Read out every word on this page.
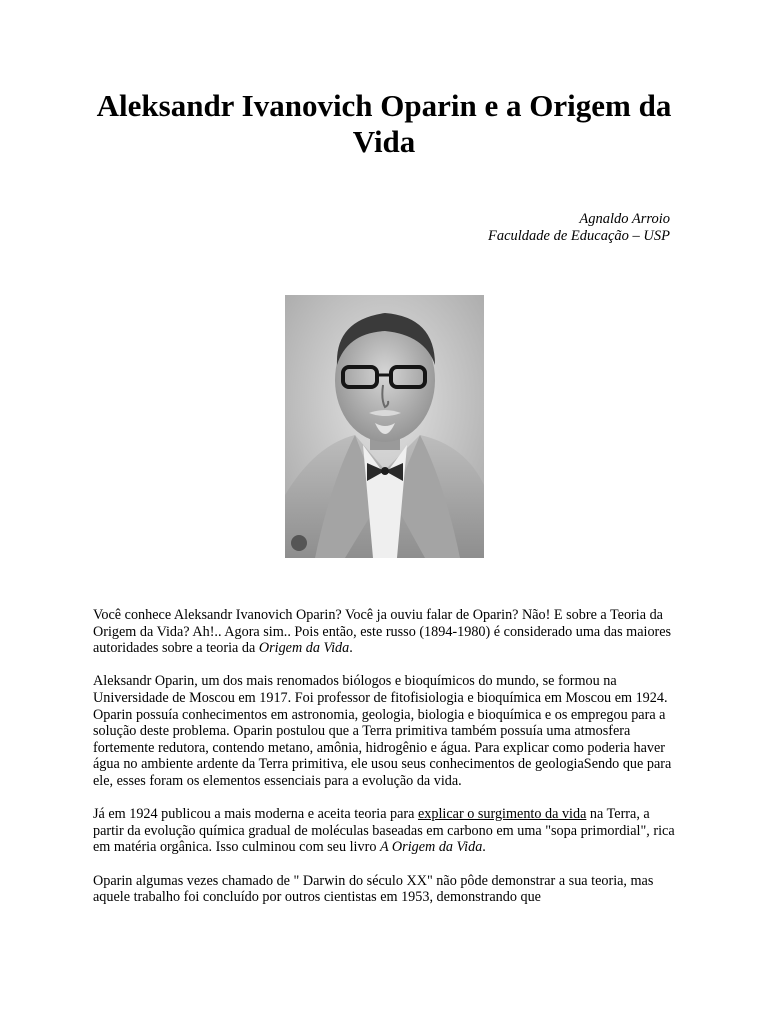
Aleksandr Ivanovich Oparin e a Origem da Vida
Agnaldo Arroio
Faculdade de Educação – USP

Você conhece Aleksandr Ivanovich Oparin? Você ja ouviu falar de Oparin? Não! E sobre a Teoria da Origem da Vida? Ah!.. Agora sim.. Pois então, este russo (1894-1980) é considerado uma das maiores autoridades sobre a teoria da Origem da Vida.

Aleksandr Oparin, um dos mais renomados biólogos e bioquímicos do mundo, se formou na Universidade de Moscou em 1917. Foi professor de fitofisiologia e bioquímica em Moscou em 1924. Oparin possuía conhecimentos em astronomia, geologia, biologia e bioquímica e os empregou para a solução deste problema. Oparin postulou que a Terra primitiva também possuía uma atmosfera fortemente redutora, contendo metano, amônia, hidrogênio e água. Para explicar como poderia haver água no ambiente ardente da Terra primitiva, ele usou seus conhecimentos de geologiaSendo que para ele, esses foram os elementos essenciais para a evolução da vida.

Já em 1924 publicou a mais moderna e aceita teoria para explicar o surgimento da vida na Terra, a partir da evolução química gradual de moléculas baseadas em carbono em uma "sopa primordial", rica em matéria orgânica. Isso culminou com seu livro A Origem da Vida.

Oparin algumas vezes chamado de " Darwin do século XX" não pôde demonstrar a sua teoria, mas aquele trabalho foi concluído por outros cientistas em 1953, demonstrando que
